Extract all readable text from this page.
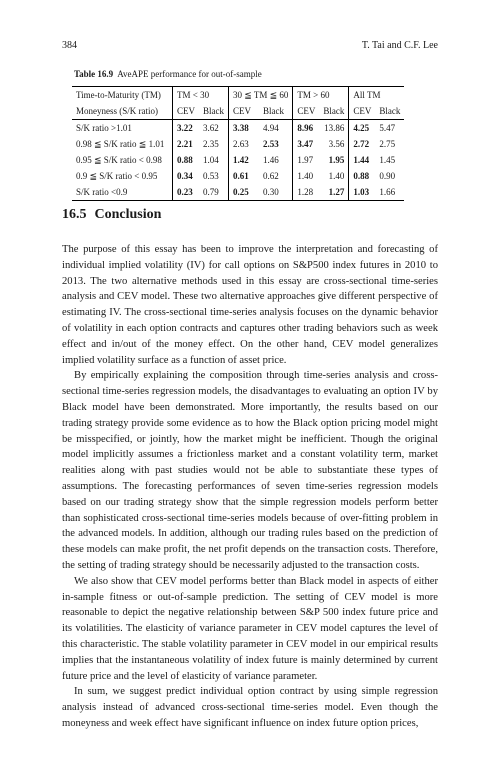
384	T. Tai and C.F. Lee
Table 16.9 AveAPE performance for out-of-sample
Time-to-Maturity (TM)	TM < 30		30 ≦ TM ≦ 60		TM > 60		All TM	
Moneyness (S/K ratio)	CEV	Black	CEV	Black	CEV	Black	CEV	Black
S/K ratio >1.01	3.22	3.62	3.38	4.94	8.96	13.86	4.25	5.47
0.98 ≦ S/K ratio ≦ 1.01	2.21	2.35	2.63	2.53	3.47	3.56	2.72	2.75
0.95 ≦ S/K ratio < 0.98	0.88	1.04	1.42	1.46	1.97	1.95	1.44	1.45
0.9 ≦ S/K ratio < 0.95	0.34	0.53	0.61	0.62	1.40	1.40	0.88	0.90
S/K ratio <0.9	0.23	0.79	0.25	0.30	1.28	1.27	1.03	1.66
16.5 Conclusion

The purpose of this essay has been to improve the interpretation and forecasting of individual implied volatility (IV) for call options on S&P500 index futures in 2010 to 2013. The two alternative methods used in this essay are cross-sectional time-series analysis and CEV model. These two alternative approaches give different perspective of estimating IV. The cross-sectional time-series analysis focuses on the dynamic behavior of volatility in each option contracts and captures other trading behaviors such as week effect and in/out of the money effect. On the other hand, CEV model generalizes implied volatility surface as a function of asset price.

By empirically explaining the composition through time-series analysis and cross-sectional time-series regression models, the disadvantages to evaluating an option IV by Black model have been demonstrated. More importantly, the results based on our trading strategy provide some evidence as to how the Black option pricing model might be misspecified, or jointly, how the market might be inefficient. Though the original model implicitly assumes a frictionless market and a constant volatility term, market realities along with past studies would not be able to substantiate these types of assumptions. The forecasting performances of seven time-series regression models based on our trading strategy show that the simple regression models perform better than sophisticated cross-sectional time-series models because of over-fitting problem in the advanced models. In addition, although our trading rules based on the prediction of these models can make profit, the net profit depends on the transaction costs. Therefore, the setting of trading strategy should be necessarily adjusted to the transaction costs.

We also show that CEV model performs better than Black model in aspects of either in-sample fitness or out-of-sample prediction. The setting of CEV model is more reasonable to depict the negative relationship between S&P 500 index future price and its volatilities. The elasticity of variance parameter in CEV model captures the level of this characteristic. The stable volatility parameter in CEV model in our empirical results implies that the instantaneous volatility of index future is mainly determined by current future price and the level of elasticity of variance parameter.

In sum, we suggest predict individual option contract by using simple regression analysis instead of advanced cross-sectional time-series model. Even though the moneyness and week effect have significant influence on index future option prices,
